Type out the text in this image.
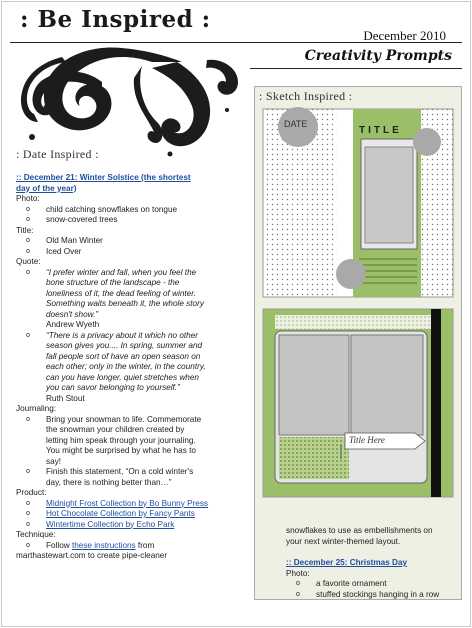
: Be Inspired :
December 2010
Creativity Prompts
: Date Inspired :
: Sketch Inspired :
DATE
TITLE
Title Here

:: December 21: Winter Solstice (the shortest

day of the year)

Photo:

o child catching snowflakes on tongue
o snow-covered trees

Title:

o Old Man Winter
o Iced Over

Quote:

o “I prefer winter and fall, when you feel the
bone structure of the landscape - the
loneliness of it, the dead feeling of winter.
Something waits beneath it, the whole story
doesn't show.”
Andrew Wyeth
o “There is a privacy about it which no other
season gives you.... In spring, summer and
fall people sort of have an open season on
each other; only in the winter, in the country,
can you have longer, quiet stretches when
you can savor belonging to yourself.”
Ruth Stout

Journaling:

o Bring your snowman to life. Commemorate
the snowman your children created by
letting him speak through your journaling.
You might be surprised by what he has to
say!
o Finish this statement, “On a cold winter's
day, there is nothing better than…”

Product:

o Midnight Frost Collection by Bo Bunny Press
o Hot Chocolate Collection by Fancy Pants
o Wintertime Collection by Echo Park

Technique:

o Follow these instructions from

marthastewart.com to create pipe-cleaner

snowflakes to use as embellishments on

your next winter-themed layout.

:: December 25: Christmas Day

Photo:

o a favorite ornament
o stuffed stockings hanging in a row
